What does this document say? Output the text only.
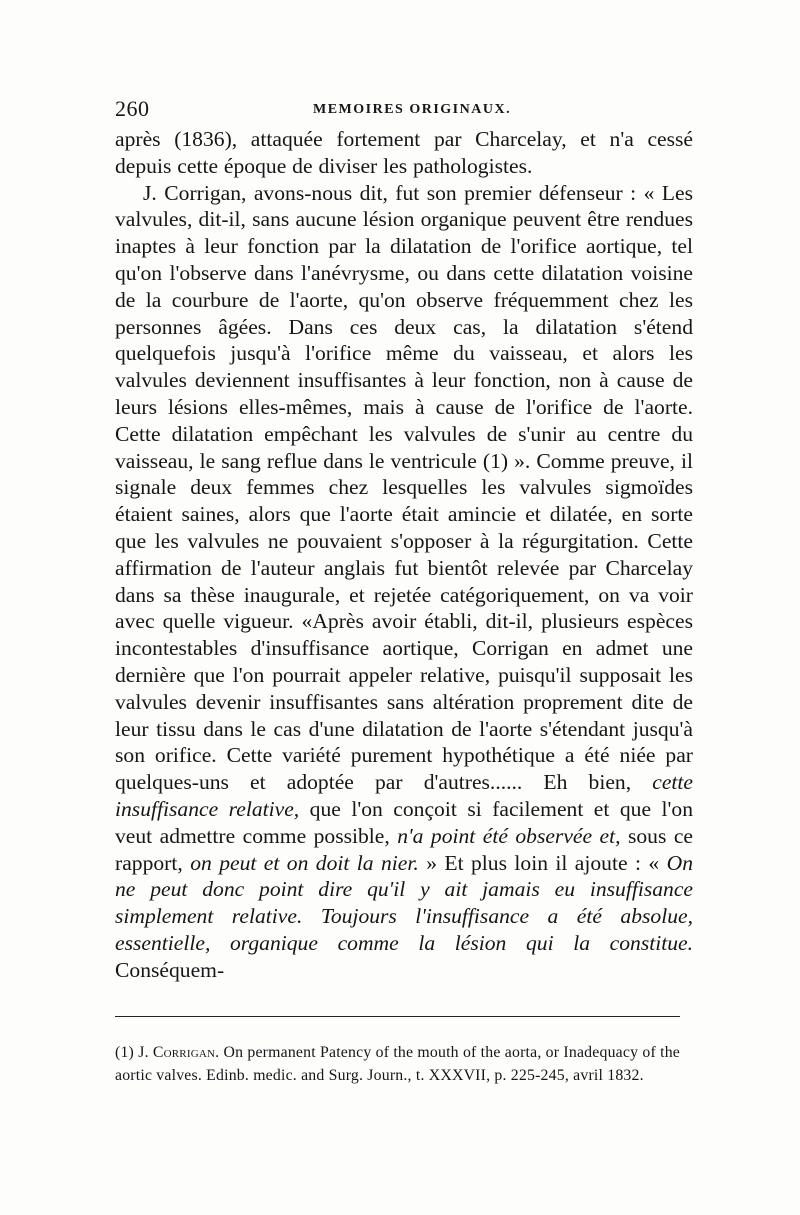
260	MEMOIRES ORIGINAUX.

après (1836), attaquée fortement par Charcelay, et n'a cessé depuis cette époque de diviser les pathologistes.

J. Corrigan, avons-nous dit, fut son premier défenseur : « Les valvules, dit-il, sans aucune lésion organique peuvent être rendues inaptes à leur fonction par la dilatation de l'orifice aortique, tel qu'on l'observe dans l'anévrysme, ou dans cette dilatation voisine de la courbure de l'aorte, qu'on observe fréquemment chez les personnes âgées. Dans ces deux cas, la dilatation s'étend quelquefois jusqu'à l'orifice même du vaisseau, et alors les valvules deviennent insuffisantes à leur fonction, non à cause de leurs lésions elles-mêmes, mais à cause de l'orifice de l'aorte. Cette dilatation empêchant les valvules de s'unir au centre du vaisseau, le sang reflue dans le ventricule (1) ». Comme preuve, il signale deux femmes chez lesquelles les valvules sigmoïdes étaient saines, alors que l'aorte était amincie et dilatée, en sorte que les valvules ne pouvaient s'opposer à la régurgitation. Cette affirmation de l'auteur anglais fut bientôt relevée par Charcelay dans sa thèse inaugurale, et rejetée catégoriquement, on va voir avec quelle vigueur. «Après avoir établi, dit-il, plusieurs espèces incontestables d'insuffisance aortique, Corrigan en admet une dernière que l'on pourrait appeler relative, puisqu'il supposait les valvules devenir insuffisantes sans altération proprement dite de leur tissu dans le cas d'une dilatation de l'aorte s'étendant jusqu'à son orifice. Cette variété purement hypothétique a été niée par quelques-uns et adoptée par d'autres...... Eh bien, cette insuffisance relative, que l'on conçoit si facilement et que l'on veut admettre comme possible, n'a point été observée et, sous ce rapport, on peut et on doit la nier. » Et plus loin il ajoute : « On ne peut donc point dire qu'il y ait jamais eu insuffisance simplement relative. Toujours l'insuffisance a été absolue, essentielle, organique comme la lésion qui la constitue. Conséquem-

(1) J. Corrigan. On permanent Patency of the mouth of the aorta, or Inadequacy of the aortic valves. Edinb. medic. and Surg. Journ., t. XXXVII, p. 225-245, avril 1832.
